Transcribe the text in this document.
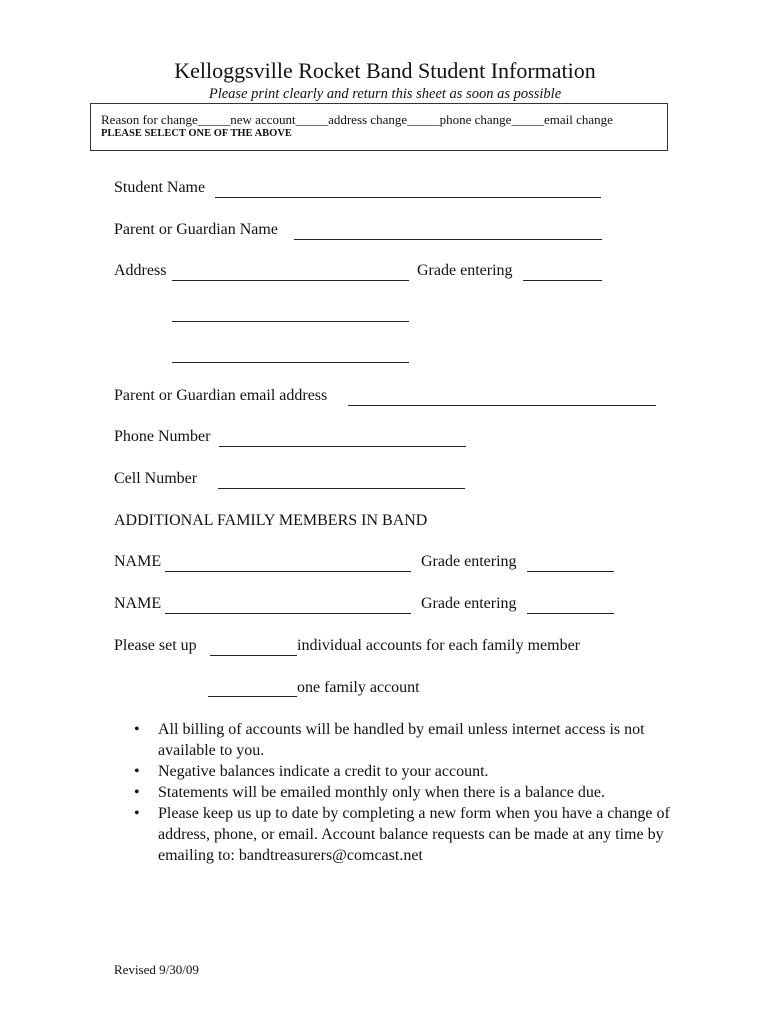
Kelloggsville Rocket Band Student Information
Please print clearly and return this sheet as soon as possible
Reason for change_____new account_____address change_____phone change_____email change
PLEASE SELECT ONE OF THE ABOVE
Student Name
Parent or Guardian Name
Address	Grade entering
Parent or Guardian email address
Phone Number
Cell Number
ADDITIONAL FAMILY MEMBERS IN BAND
NAME	Grade entering
NAME	Grade entering
Please set up	individual accounts for each family member
one family account
• All billing of accounts will be handled by email unless internet access is not available to you.
• Negative balances indicate a credit to your account.
• Statements will be emailed monthly only when there is a balance due.
• Please keep us up to date by completing a new form when you have a change of address, phone, or email. Account balance requests can be made at any time by emailing to: bandtreasurers@comcast.net
Revised 9/30/09
